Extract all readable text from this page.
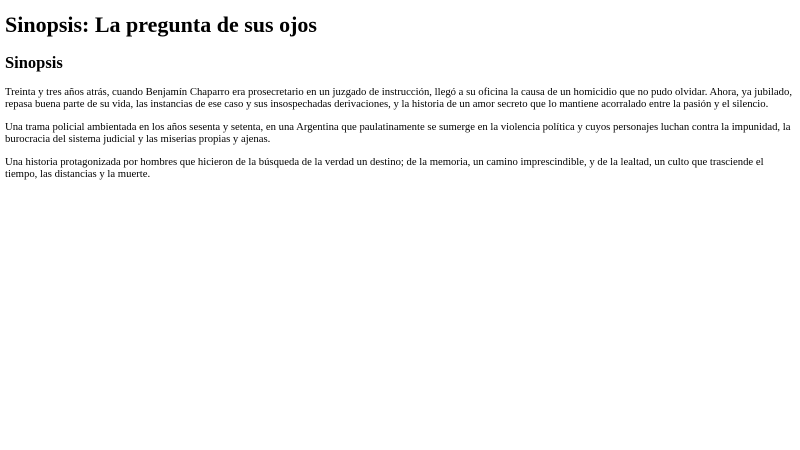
Sinopsis: La pregunta de sus ojos
Sinopsis

Treinta y tres años atrás, cuando Benjamín Chaparro era prosecretario en un juzgado de instrucción, llegó a su oficina la causa de un homicidio que no pudo olvidar. Ahora, ya jubilado, repasa buena parte de su vida, las instancias de ese caso y sus insospechadas derivaciones, y la historia de un amor secreto que lo mantiene acorralado entre la pasión y el silencio.

Una trama policial ambientada en los años sesenta y setenta, en una Argentina que paulatinamente se sumerge en la violencia política y cuyos personajes luchan contra la impunidad, la burocracia del sistema judicial y las miserias propias y ajenas.

Una historia protagonizada por hombres que hicieron de la búsqueda de la verdad un destino; de la memoria, un camino imprescindible, y de la lealtad, un culto que trasciende el tiempo, las distancias y la muerte.
